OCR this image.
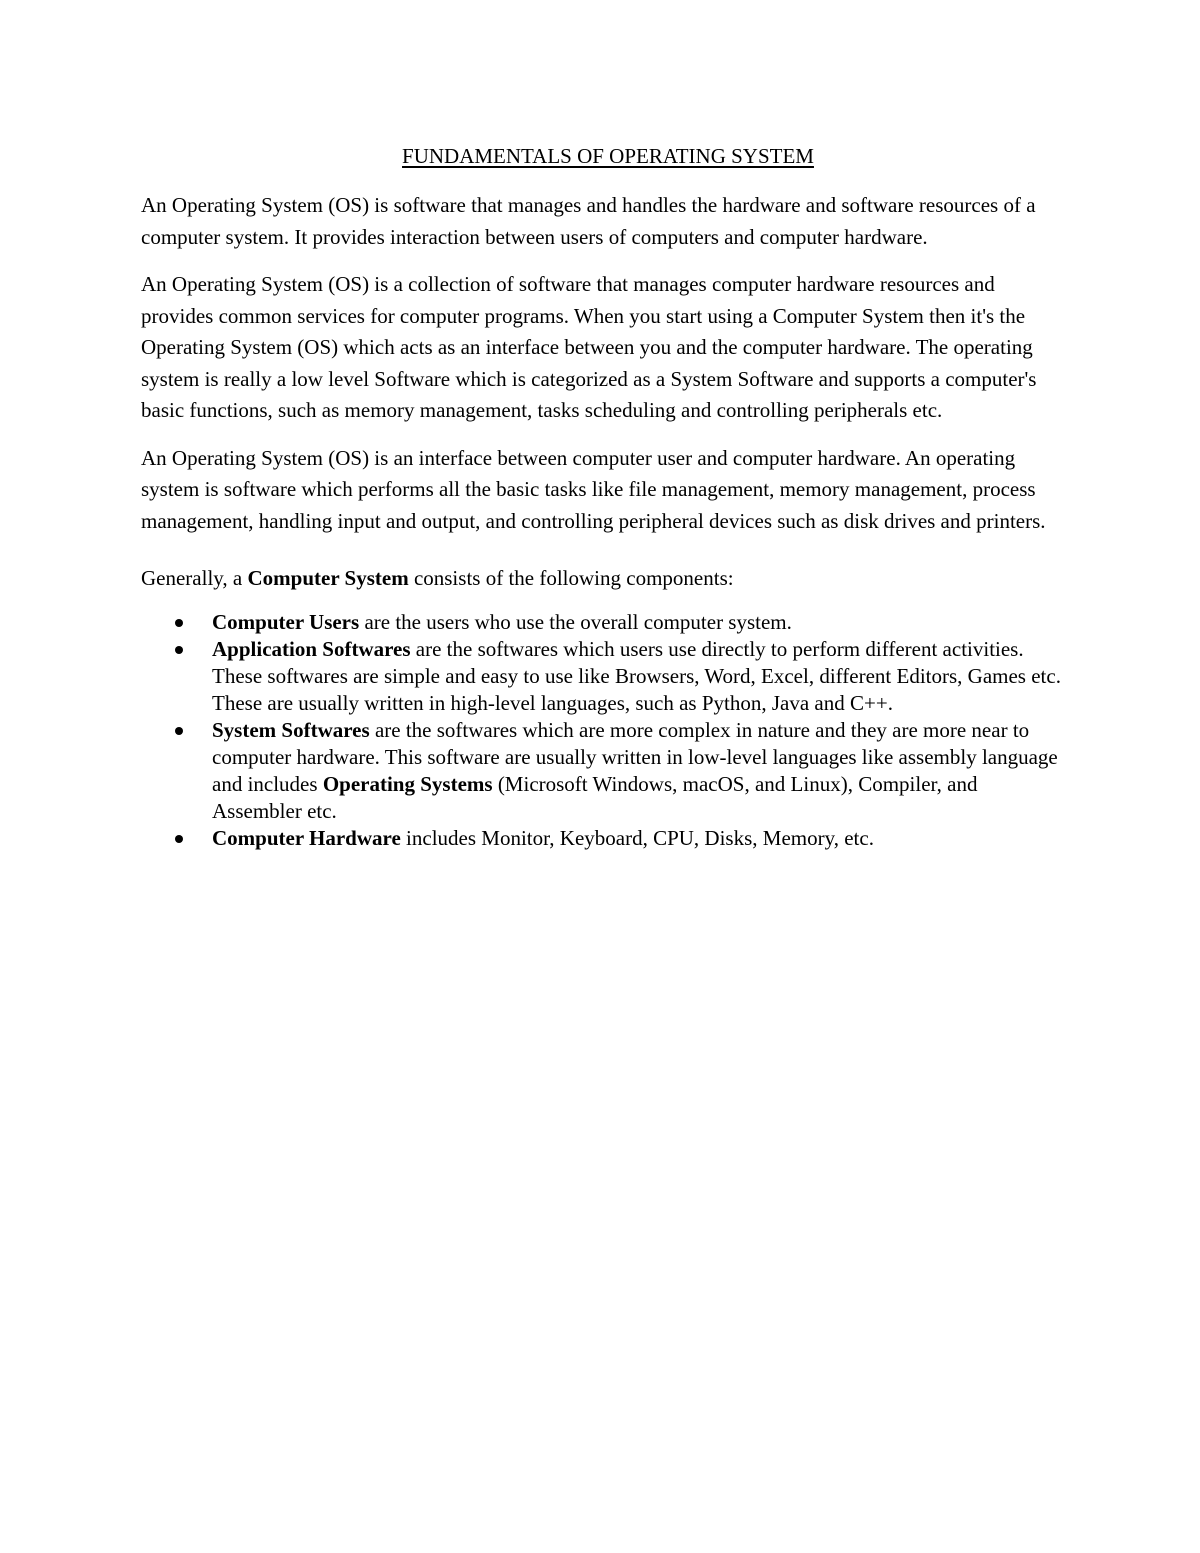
FUNDAMENTALS OF OPERATING SYSTEM

An Operating System (OS) is software that manages and handles the hardware and software resources of a computer system. It provides interaction between users of computers and computer hardware.

An Operating System (OS) is a collection of software that manages computer hardware resources and provides common services for computer programs. When you start using a Computer System then it's the Operating System (OS) which acts as an interface between you and the computer hardware. The operating system is really a low level Software which is categorized as a System Software and supports a computer's basic functions, such as memory management, tasks scheduling and controlling peripherals etc.

An Operating System (OS) is an interface between computer user and computer hardware. An operating system is software which performs all the basic tasks like file management, memory management, process management, handling input and output, and controlling peripheral devices such as disk drives and printers.

Generally, a Computer System consists of the following components:

Computer Users are the users who use the overall computer system.
Application Softwares are the softwares which users use directly to perform different activities. These softwares are simple and easy to use like Browsers, Word, Excel, different Editors, Games etc. These are usually written in high-level languages, such as Python, Java and C++.
System Softwares are the softwares which are more complex in nature and they are more near to computer hardware. This software are usually written in low-level languages like assembly language and includes Operating Systems (Microsoft Windows, macOS, and Linux), Compiler, and Assembler etc.
Computer Hardware includes Monitor, Keyboard, CPU, Disks, Memory, etc.
